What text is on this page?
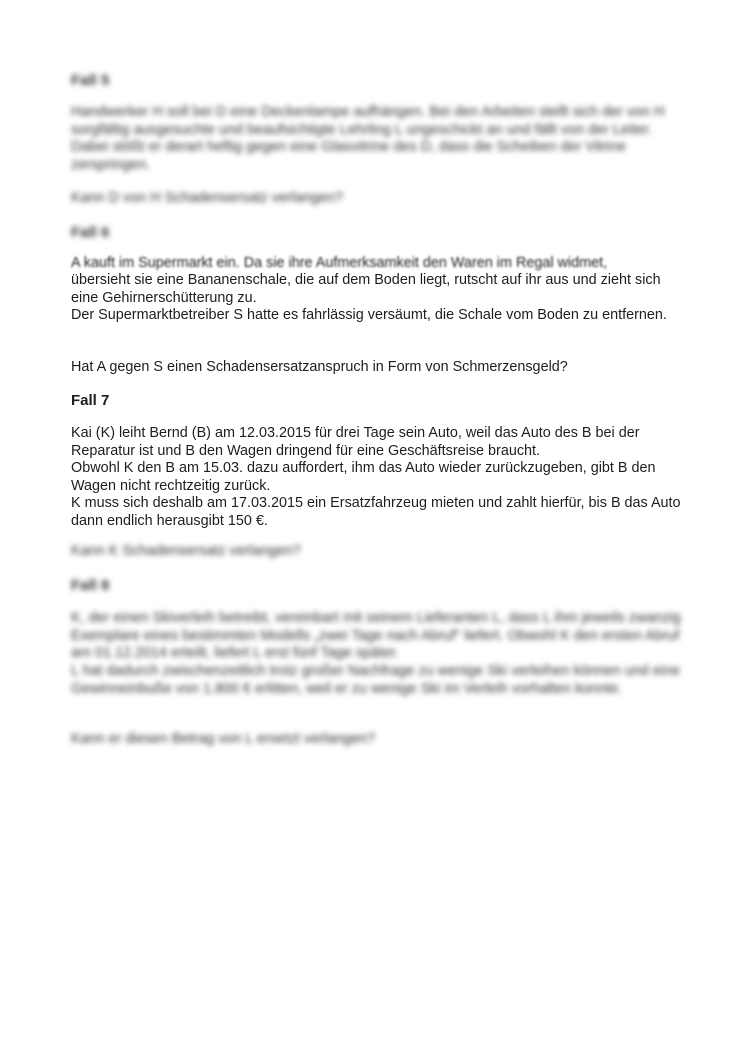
Fall 5

Handwerker H soll bei D eine Deckenlampe aufhängen. Bei den Arbeiten stellt sich der von H sorgfältig ausgesuchte und beaufsichtigte Lehrling L ungeschickt an und fällt von der Leiter. Dabei stößt er derart heftig gegen eine Glasvitrine des D, dass die Scheiben der Vitrine zerspringen.

Kann D von H Schadensersatz verlangen?

Fall 6

A kauft im Supermarkt ein. Da sie ihre Aufmerksamkeit den Waren im Regal widmet,

übersieht sie eine Bananenschale, die auf dem Boden liegt, rutscht auf ihr aus und zieht sich eine Gehirnerschütterung zu.

Der Supermarktbetreiber S hatte es fahrlässig versäumt, die Schale vom Boden zu entfernen.

Hat A gegen S einen Schadensersatzanspruch in Form von Schmerzensgeld?

Fall 7

Kai (K) leiht Bernd (B) am 12.03.2015 für drei Tage sein Auto, weil das Auto des B bei der Reparatur ist und B den Wagen dringend für eine Geschäftsreise braucht.

Obwohl K den B am 15.03. dazu auffordert, ihm das Auto wieder zurückzugeben, gibt B den Wagen nicht rechtzeitig zurück.

K muss sich deshalb am 17.03.2015 ein Ersatzfahrzeug mieten und zahlt hierfür, bis B das Auto dann endlich herausgibt 150 €.

Kann K Schadensersatz verlangen?

Fall 8

K, der einen Skiverleih betreibt, vereinbart mit seinem Lieferanten L, dass L ihm jeweils zwanzig Exemplare eines bestimmten Modells „zwei Tage nach Abruf“ liefert. Obwohl K den ersten Abruf am 01.12.2014 erteilt, liefert L erst fünf Tage später.

L hat dadurch zwischenzeitlich trotz großer Nachfrage zu wenige Ski verleihen können und eine Gewinneinbuße von 1.800 € erlitten, weil er zu wenige Ski im Verleih vorhalten konnte.

Kann er diesen Betrag von L ersetzt verlangen?
